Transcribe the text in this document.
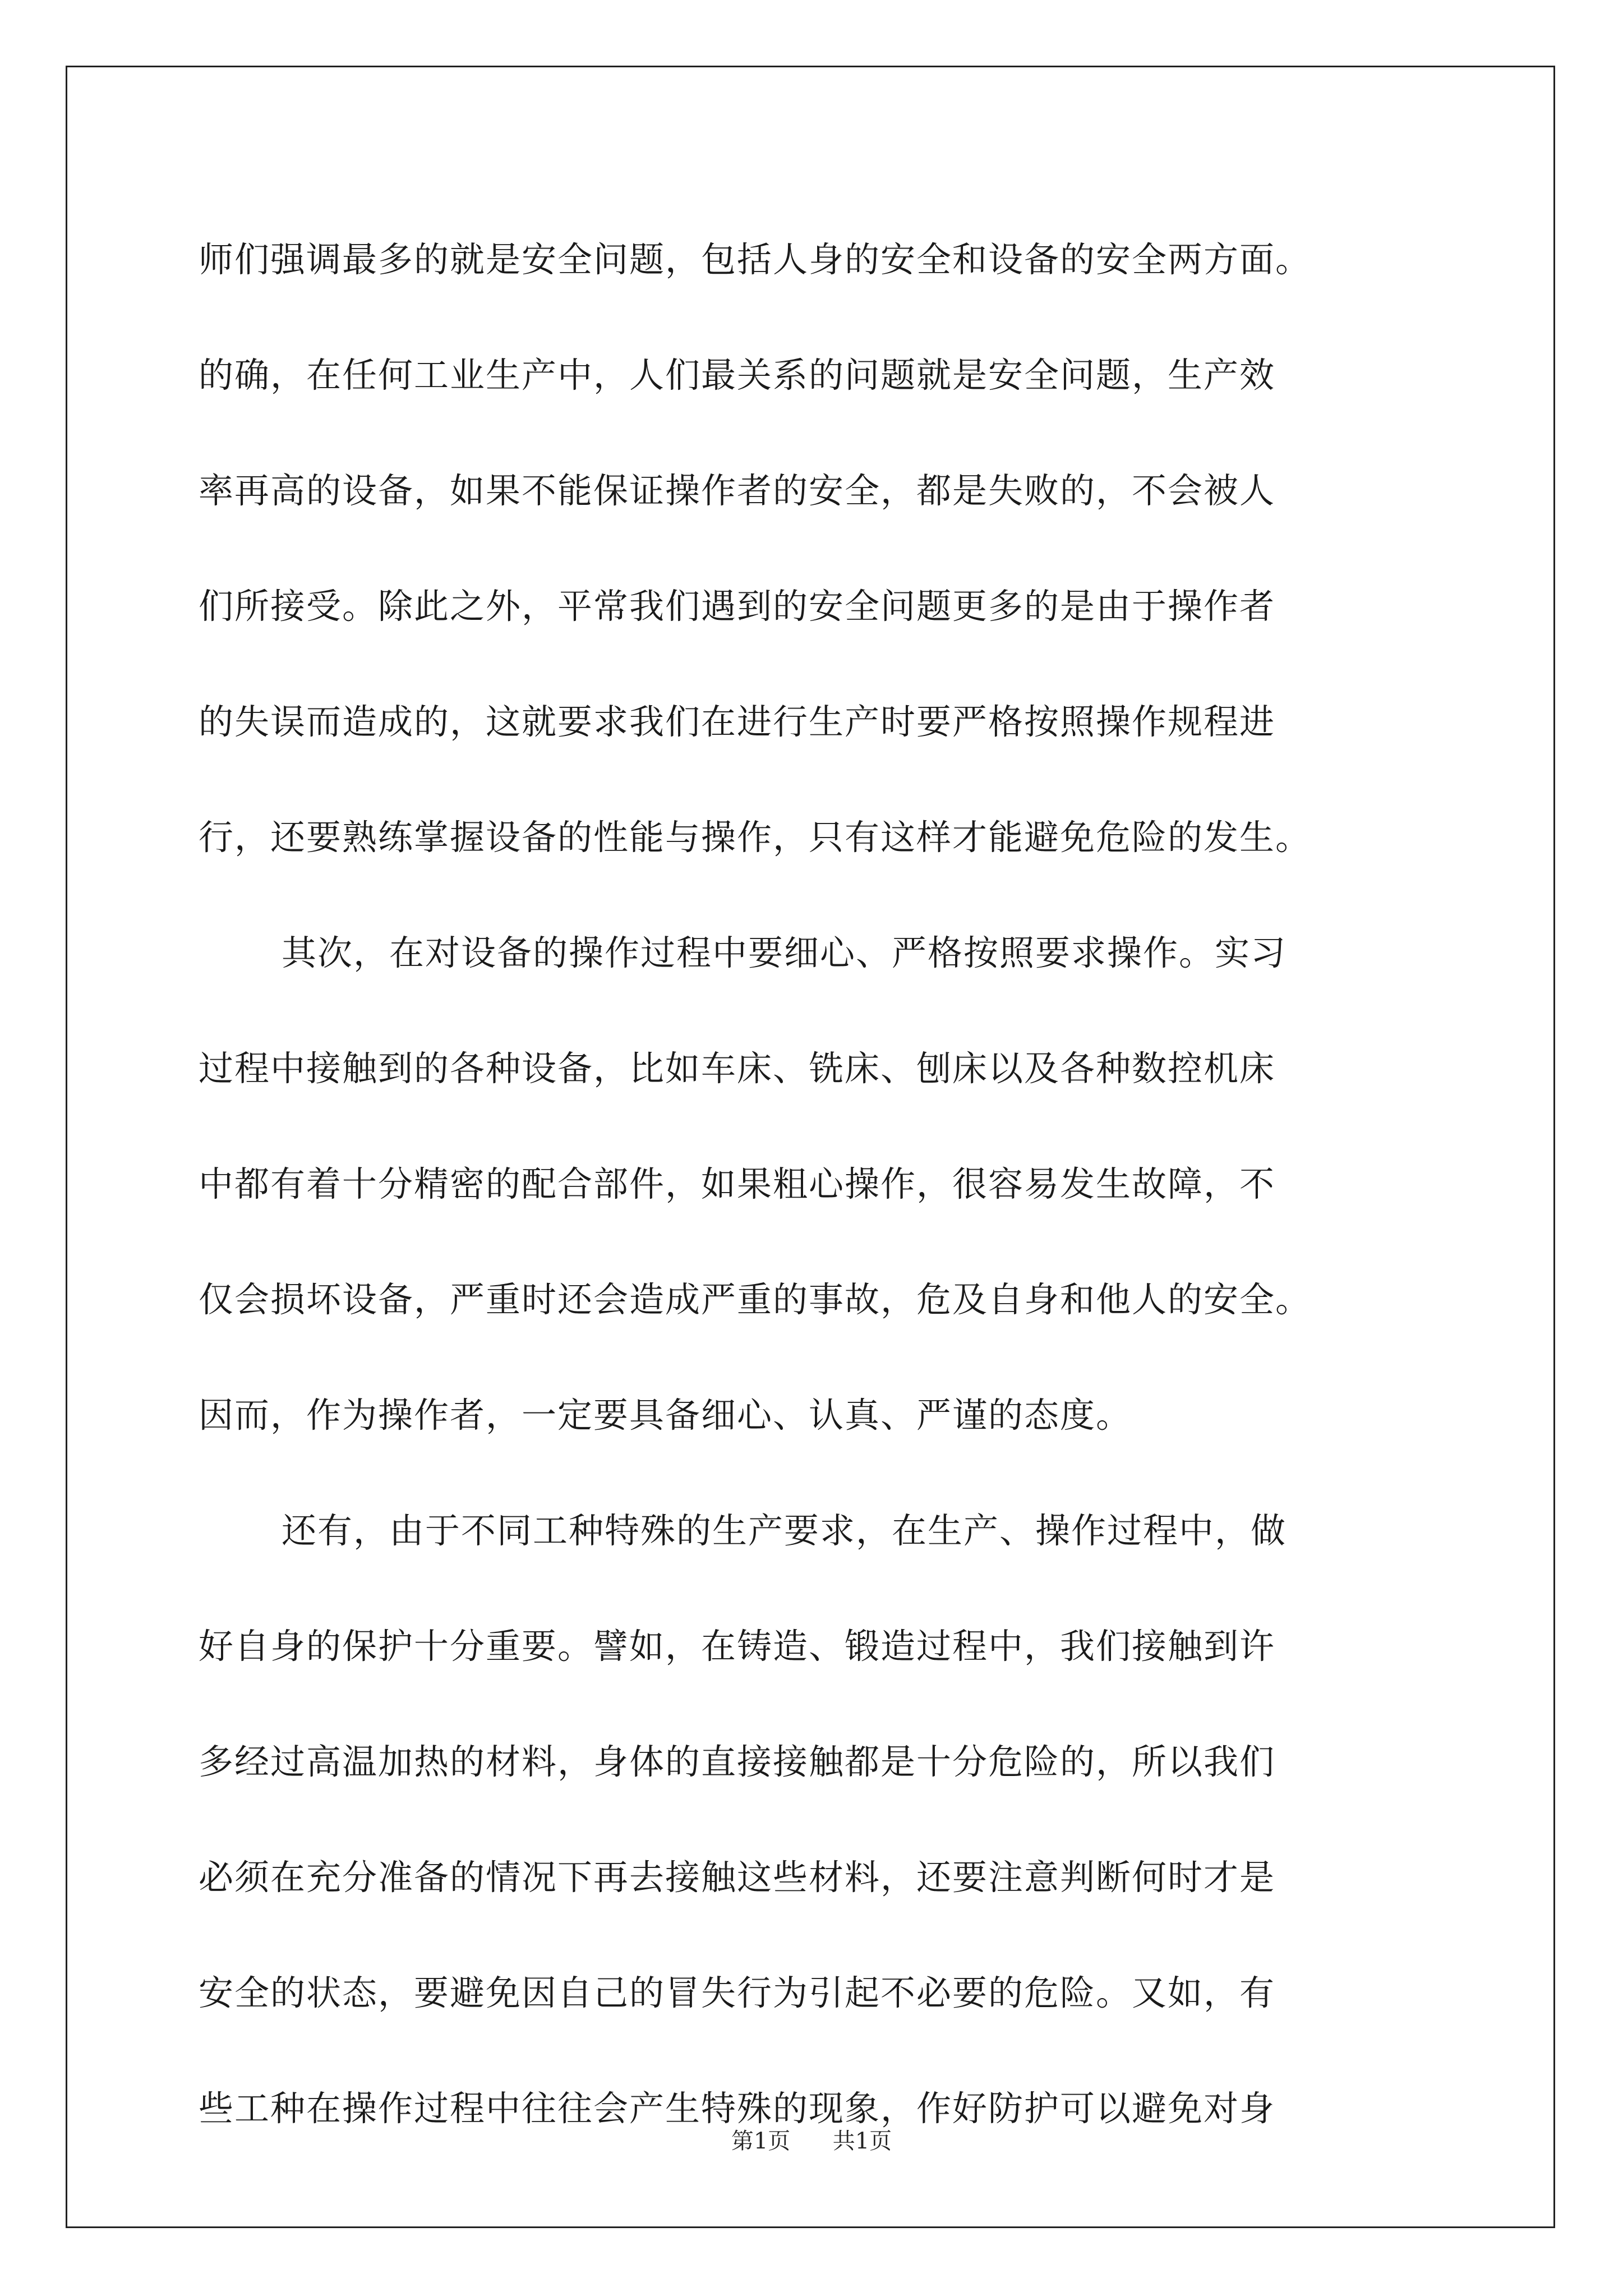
师们强调最多的就是安全问题，包括人身的安全和设备的安全两方面。
的确，在任何工业生产中，人们最关系的问题就是安全问题，生产效
率再高的设备，如果不能保证操作者的安全，都是失败的，不会被人
们所接受。除此之外，平常我们遇到的安全问题更多的是由于操作者
的失误而造成的，这就要求我们在进行生产时要严格按照操作规程进
行，还要熟练掌握设备的性能与操作，只有这样才能避免危险的发生。
其次，在对设备的操作过程中要细心、严格按照要求操作。实习
过程中接触到的各种设备，比如车床、铣床、刨床以及各种数控机床
中都有着十分精密的配合部件，如果粗心操作，很容易发生故障，不
仅会损坏设备，严重时还会造成严重的事故，危及自身和他人的安全。
因而，作为操作者，一定要具备细心、认真、严谨的态度。
还有，由于不同工种特殊的生产要求，在生产、操作过程中，做
好自身的保护十分重要。譬如，在铸造、锻造过程中，我们接触到许
多经过高温加热的材料，身体的直接接触都是十分危险的，所以我们
必须在充分准备的情况下再去接触这些材料，还要注意判断何时才是
安全的状态，要避免因自己的冒失行为引起不必要的危险。又如，有
些工种在操作过程中往往会产生特殊的现象，作好防护可以避免对身
第1页 共1页
